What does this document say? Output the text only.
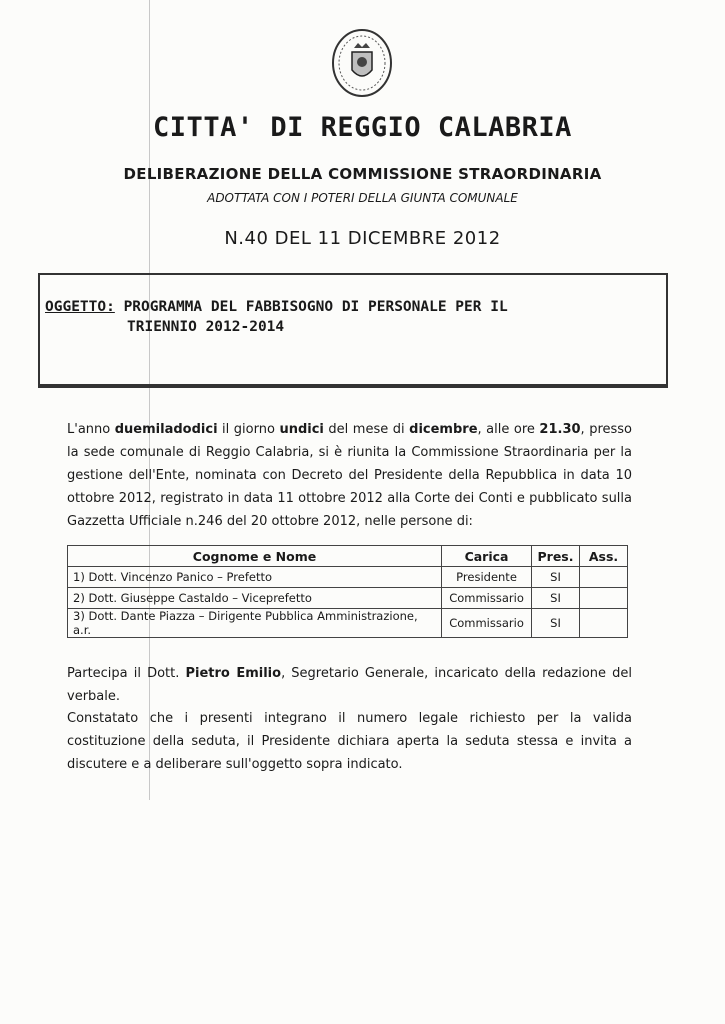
CITTA' DI REGGIO CALABRIA
DELIBERAZIONE DELLA COMMISSIONE STRAORDINARIA
ADOTTATA CON I POTERI DELLA GIUNTA COMUNALE
N.40 DEL 11 DICEMBRE 2012
OGGETTO: PROGRAMMA DEL FABBISOGNO DI PERSONALE PER IL
TRIENNIO 2012-2014
L'anno duemiladodici il giorno undici del mese di dicembre, alle ore 21.30, presso la sede comunale di Reggio Calabria, si è riunita la Commissione Straordinaria per la gestione dell'Ente, nominata con Decreto del Presidente della Repubblica in data 10 ottobre 2012, registrato in data 11 ottobre 2012 alla Corte dei Conti e pubblicato sulla Gazzetta Ufficiale n.246 del 20 ottobre 2012, nelle persone di:
Cognome e Nome	Carica	Pres.	Ass.
1) Dott. Vincenzo Panico – Prefetto	Presidente	SI	
2) Dott. Giuseppe Castaldo – Viceprefetto	Commissario	SI	
3) Dott. Dante Piazza – Dirigente Pubblica Amministrazione, a.r.	Commissario	SI	
Partecipa il Dott. Pietro Emilio, Segretario Generale, incaricato della redazione del verbale.
Constatato che i presenti integrano il numero legale richiesto per la valida costituzione della seduta, il Presidente dichiara aperta la seduta stessa e invita a discutere e a deliberare sull'oggetto sopra indicato.
